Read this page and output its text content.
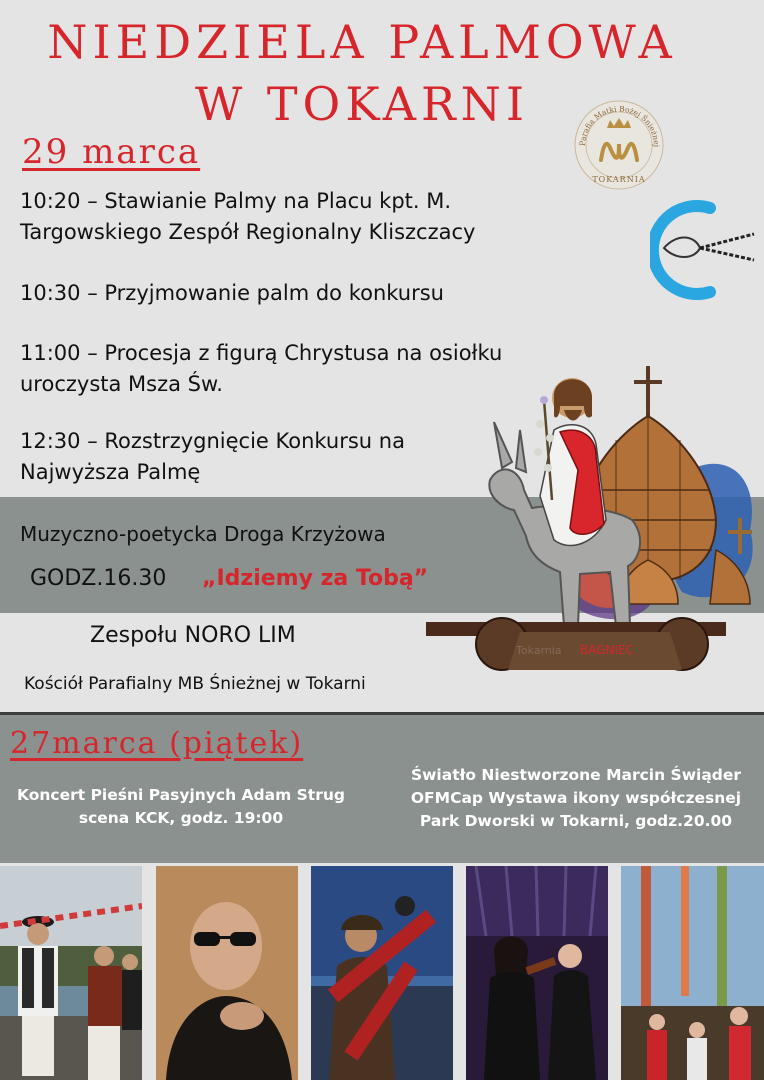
NIEDZIELA PALMOWA
W TOKARNI
Parafia Matki Bożej Śnieżnej
TOKARNIA
29 marca
10:20 – Stawianie Palmy na Placu kpt. M.
Targowskiego Zespół Regionalny Kliszczacy
10:30 – Przyjmowanie palm do konkursu
11:00 – Procesja z figurą Chrystusa na osiołku
uroczysta Msza Św.
12:30 – Rozstrzygnięcie Konkursu na
Najwyższa Palmę
Muzyczno-poetycka Droga Krzyżowa
GODZ.16.30 „Idziemy za Tobą”
Tokarnia BAGNIEC
Zespołu NORO LIM
Kościół Parafialny MB Śnieżnej w Tokarni
27marca (piątek)
Koncert Pieśni Pasyjnych Adam Strug
scena KCK, godz. 19:00
Światło Niestworzone Marcin Świąder
OFMCap Wystawa ikony współczesnej
Park Dworski w Tokarni, godz.20.00
